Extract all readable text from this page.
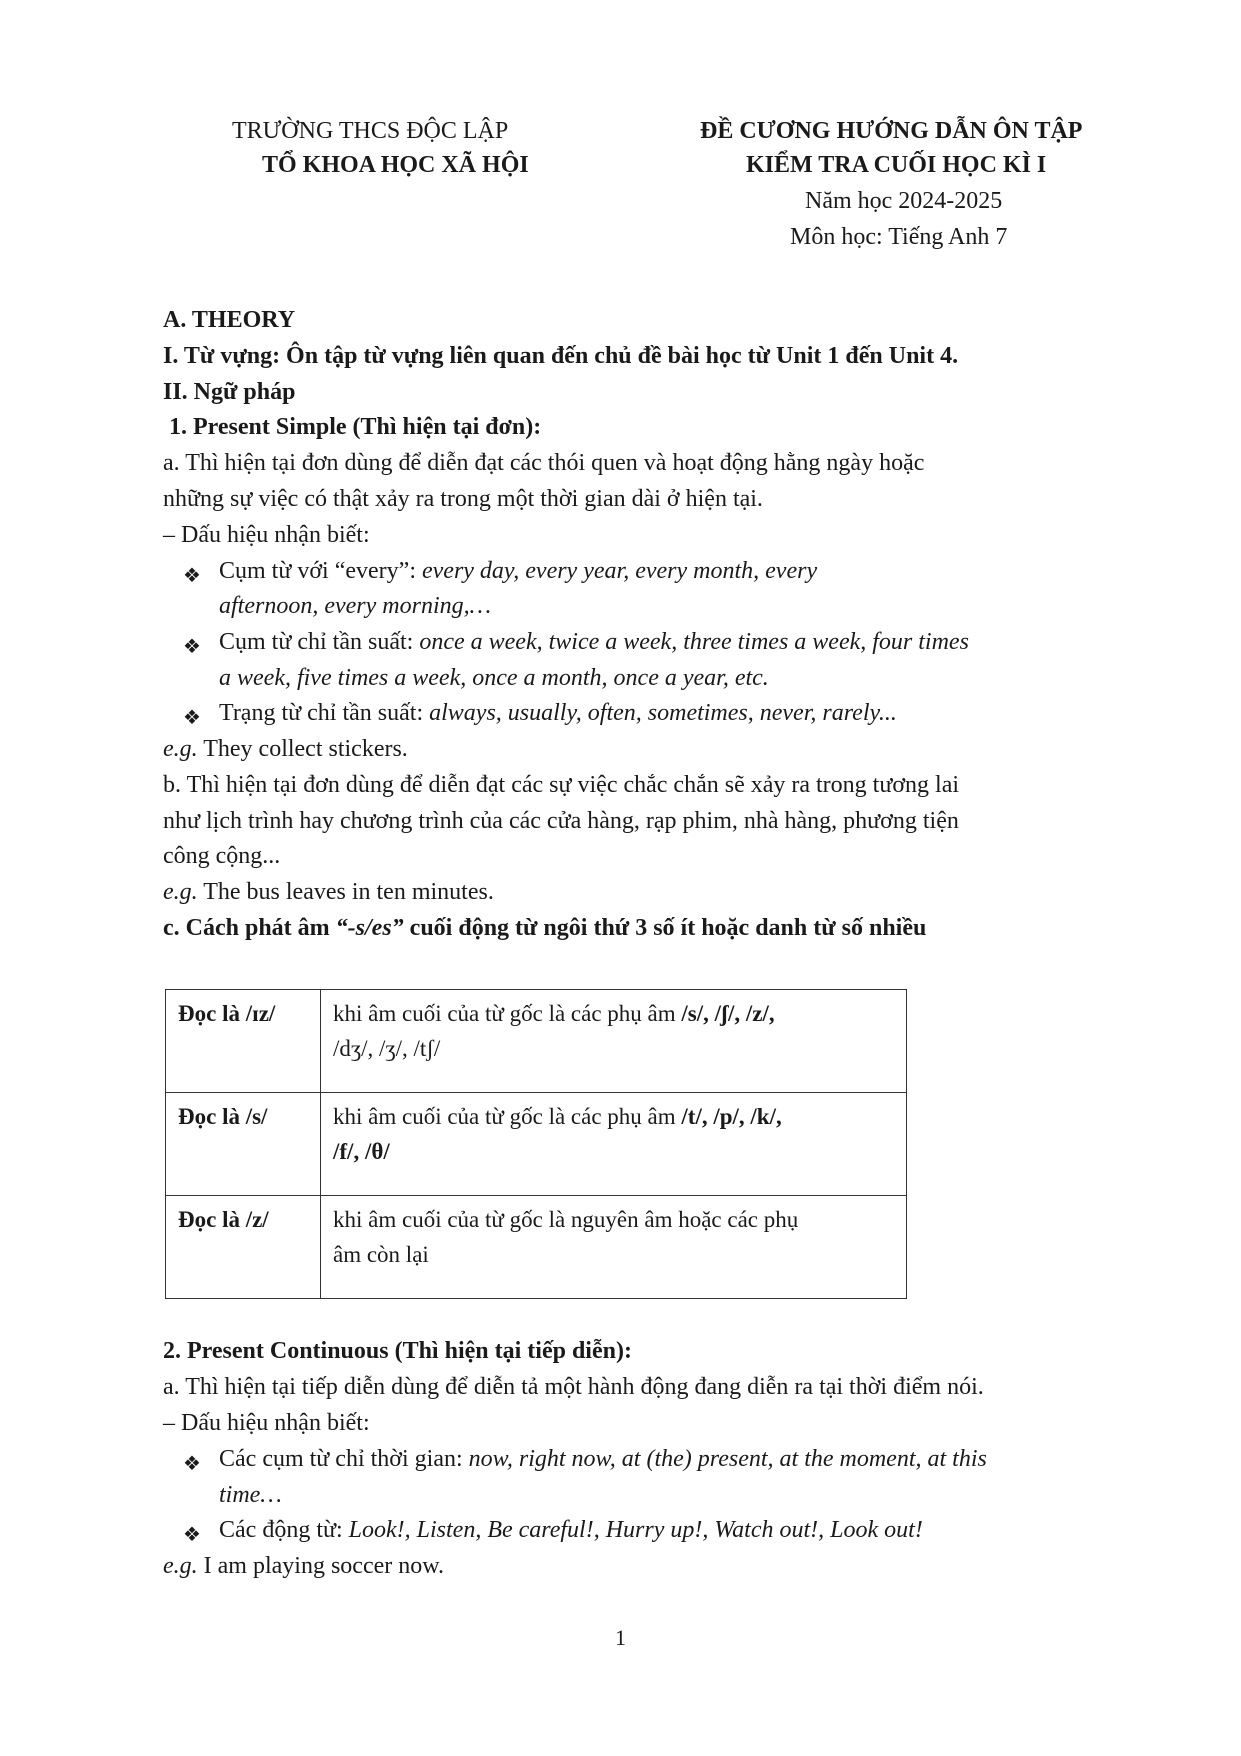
TRƯỜNG THCS ĐỘC LẬP
TỔ KHOA HỌC XÃ HỘI
ĐỀ CƯƠNG HƯỚNG DẪN ÔN TẬP
KIỂM TRA CUỐI HỌC KÌ I
Năm học 2024-2025
Môn học: Tiếng Anh 7
A. THEORY
I. Từ vựng: Ôn tập từ vựng liên quan đến chủ đề bài học từ Unit 1 đến Unit 4.
II. Ngữ pháp
1. Present Simple (Thì hiện tại đơn):
a. Thì hiện tại đơn dùng để diễn đạt các thói quen và hoạt động hằng ngày hoặc
những sự việc có thật xảy ra trong một thời gian dài ở hiện tại.
– Dấu hiệu nhận biết:
❖ Cụm từ với “every”: every day, every year, every month, every
afternoon, every morning,…
❖ Cụm từ chỉ tần suất: once a week, twice a week, three times a week, four times
a week, five times a week, once a month, once a year, etc.
❖ Trạng từ chỉ tần suất: always, usually, often, sometimes, never, rarely...
e.g. They collect stickers.
b. Thì hiện tại đơn dùng để diễn đạt các sự việc chắc chắn sẽ xảy ra trong tương lai
như lịch trình hay chương trình của các cửa hàng, rạp phim, nhà hàng, phương tiện
công cộng...
e.g. The bus leaves in ten minutes.
c. Cách phát âm “-s/es” cuối động từ ngôi thứ 3 số ít hoặc danh từ số nhiều
Đọc là /ɪz/	khi âm cuối của từ gốc là các phụ âm /s/, /ʃ/, /z/,
/dʒ/, /ʒ/, /tʃ/
Đọc là /s/	khi âm cuối của từ gốc là các phụ âm /t/, /p/, /k/,
/f/, /θ/
Đọc là /z/	khi âm cuối của từ gốc là nguyên âm hoặc các phụ
âm còn lại
2. Present Continuous (Thì hiện tại tiếp diễn):
a. Thì hiện tại tiếp diễn dùng để diễn tả một hành động đang diễn ra tại thời điểm nói.
– Dấu hiệu nhận biết:
❖ Các cụm từ chỉ thời gian: now, right now, at (the) present, at the moment, at this
time…
❖ Các động từ: Look!, Listen, Be careful!, Hurry up!, Watch out!, Look out!
e.g. I am playing soccer now.
1
